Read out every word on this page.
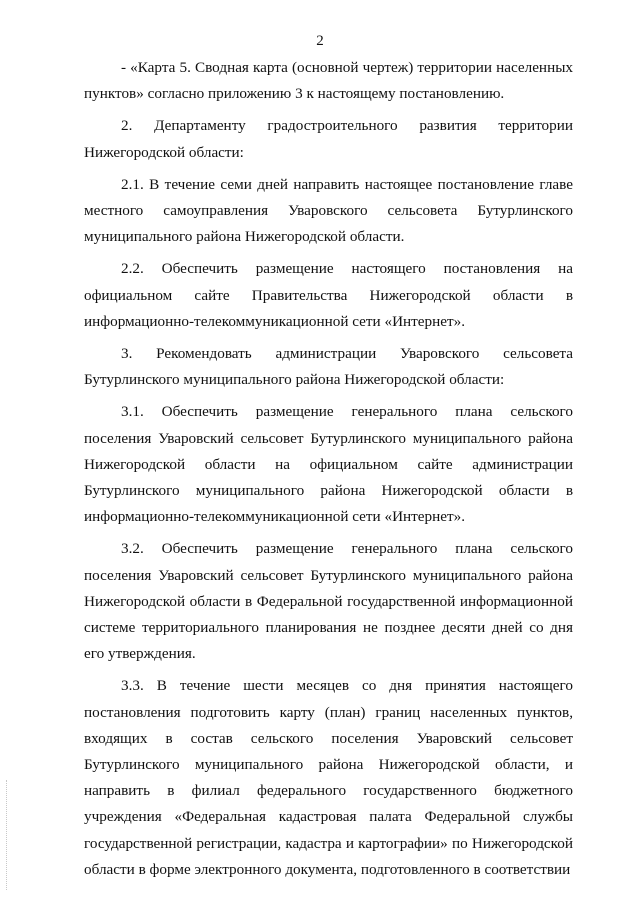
2

- «Карта 5. Сводная карта (основной чертеж) территории населенных пунктов» согласно приложению 3 к настоящему постановлению.

2. Департаменту градостроительного развития территории Нижегородской области:

2.1. В течение семи дней направить настоящее постановление главе местного самоуправления Уваровского сельсовета Бутурлинского муниципального района Нижегородской области.

2.2. Обеспечить размещение настоящего постановления на официальном сайте Правительства Нижегородской области в информационно-телекоммуникационной сети «Интернет».

3. Рекомендовать администрации Уваровского сельсовета Бутурлинского муниципального района Нижегородской области:

3.1. Обеспечить размещение генерального плана сельского поселения Уваровский сельсовет Бутурлинского муниципального района Нижегородской области на официальном сайте администрации Бутурлинского муниципального района Нижегородской области в информационно-телекоммуникационной сети «Интернет».

3.2. Обеспечить размещение генерального плана сельского поселения Уваровский сельсовет Бутурлинского муниципального района Нижегородской области в Федеральной государственной информационной системе территориального планирования не позднее десяти дней со дня его утверждения.

3.3. В течение шести месяцев со дня принятия настоящего постановления подготовить карту (план) границ населенных пунктов, входящих в состав сельского поселения Уваровский сельсовет Бутурлинского муниципального района Нижегородской области, и направить в филиал федерального государственного бюджетного учреждения «Федеральная кадастровая палата Федеральной службы государственной регистрации, кадастра и картографии» по Нижегородской области в форме электронного документа, подготовленного в соответствии
